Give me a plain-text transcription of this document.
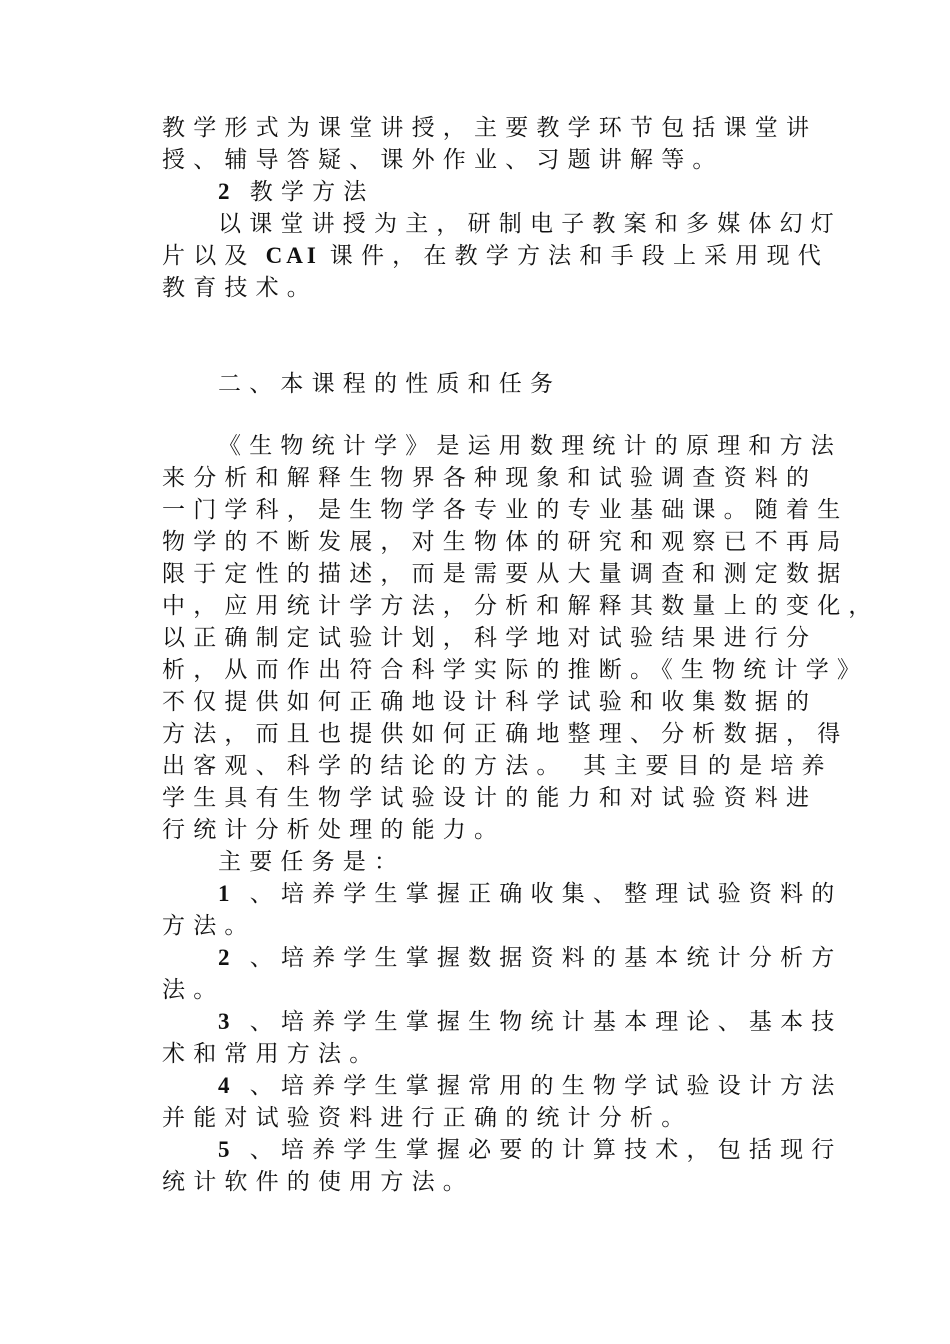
教学形式为课堂讲授，主要教学环节包括课堂讲
授、辅导答疑、课外作业、习题讲解等。
2 教学方法
以课堂讲授为主，研制电子教案和多媒体幻灯
片以及 CAI 课件，在教学方法和手段上采用现代
教育技术。
二、本课程的性质和任务
《生物统计学》是运用数理统计的原理和方法
来分析和解释生物界各种现象和试验调查资料的
一门学科，是生物学各专业的专业基础课。随着生
物学的不断发展，对生物体的研究和观察已不再局
限于定性的描述，而是需要从大量调查和测定数据
中，应用统计学方法，分析和解释其数量上的变化，
以正确制定试验计划，科学地对试验结果进行分
析，从而作出符合科学实际的推断。《生物统计学》
不仅提供如何正确地设计科学试验和收集数据的
方法，而且也提供如何正确地整理、分析数据，得
出客观、科学的结论的方法。 其主要目的是培养
学生具有生物学试验设计的能力和对试验资料进
行统计分析处理的能力。
主要任务是：
1 、培养学生掌握正确收集、整理试验资料的
方法。
2 、培养学生掌握数据资料的基本统计分析方
法。
3 、培养学生掌握生物统计基本理论、基本技
术和常用方法。
4 、培养学生掌握常用的生物学试验设计方法
并能对试验资料进行正确的统计分析。
5 、培养学生掌握必要的计算技术，包括现行
统计软件的使用方法。
